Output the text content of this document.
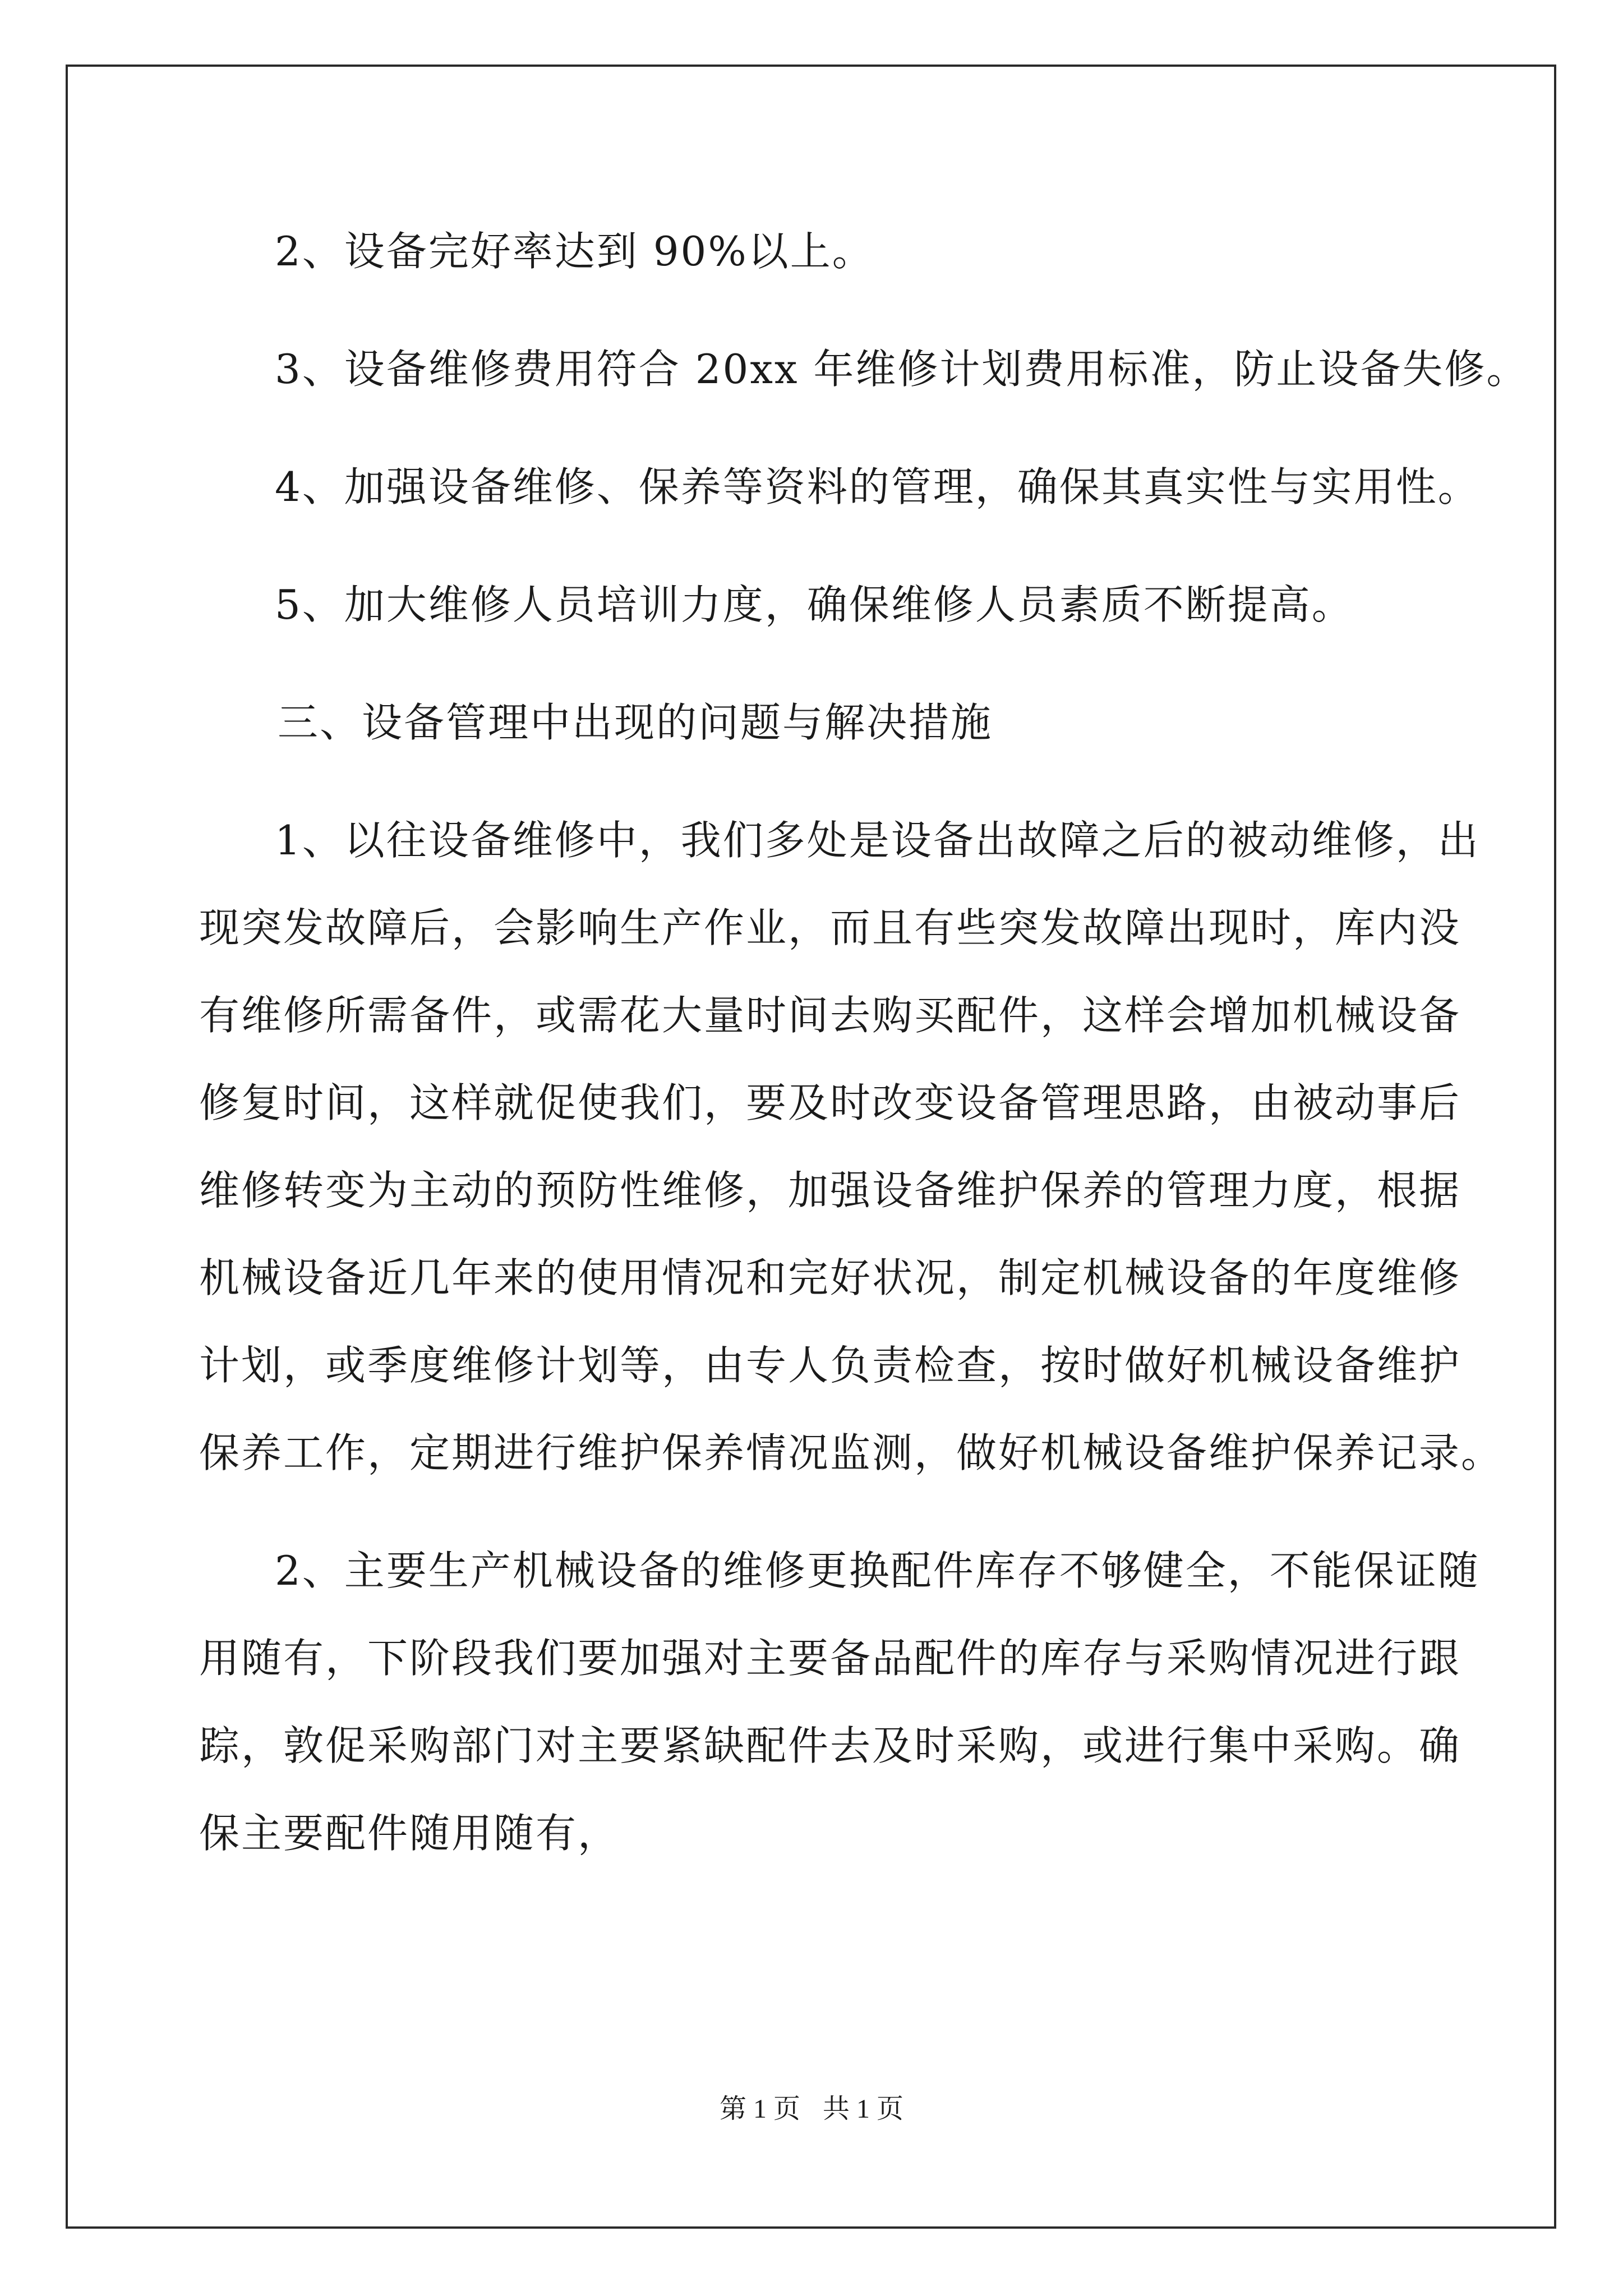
2、设备完好率达到 90%以上。
3、设备维修费用符合 20xx 年维修计划费用标准，防止设备失修。
4、加强设备维修、保养等资料的管理，确保其真实性与实用性。
5、加大维修人员培训力度，确保维修人员素质不断提高。
三、设备管理中出现的问题与解决措施
1、以往设备维修中，我们多处是设备出故障之后的被动维修，出
现突发故障后，会影响生产作业，而且有些突发故障出现时，库内没
有维修所需备件，或需花大量时间去购买配件，这样会增加机械设备
修复时间，这样就促使我们，要及时改变设备管理思路，由被动事后
维修转变为主动的预防性维修，加强设备维护保养的管理力度，根据
机械设备近几年来的使用情况和完好状况，制定机械设备的年度维修
计划，或季度维修计划等，由专人负责检查，按时做好机械设备维护
保养工作，定期进行维护保养情况监测，做好机械设备维护保养记录。
2、主要生产机械设备的维修更换配件库存不够健全，不能保证随
用随有，下阶段我们要加强对主要备品配件的库存与采购情况进行跟
踪，敦促采购部门对主要紧缺配件去及时采购，或进行集中采购。确
保主要配件随用随有，
第 1 页 共 1 页
